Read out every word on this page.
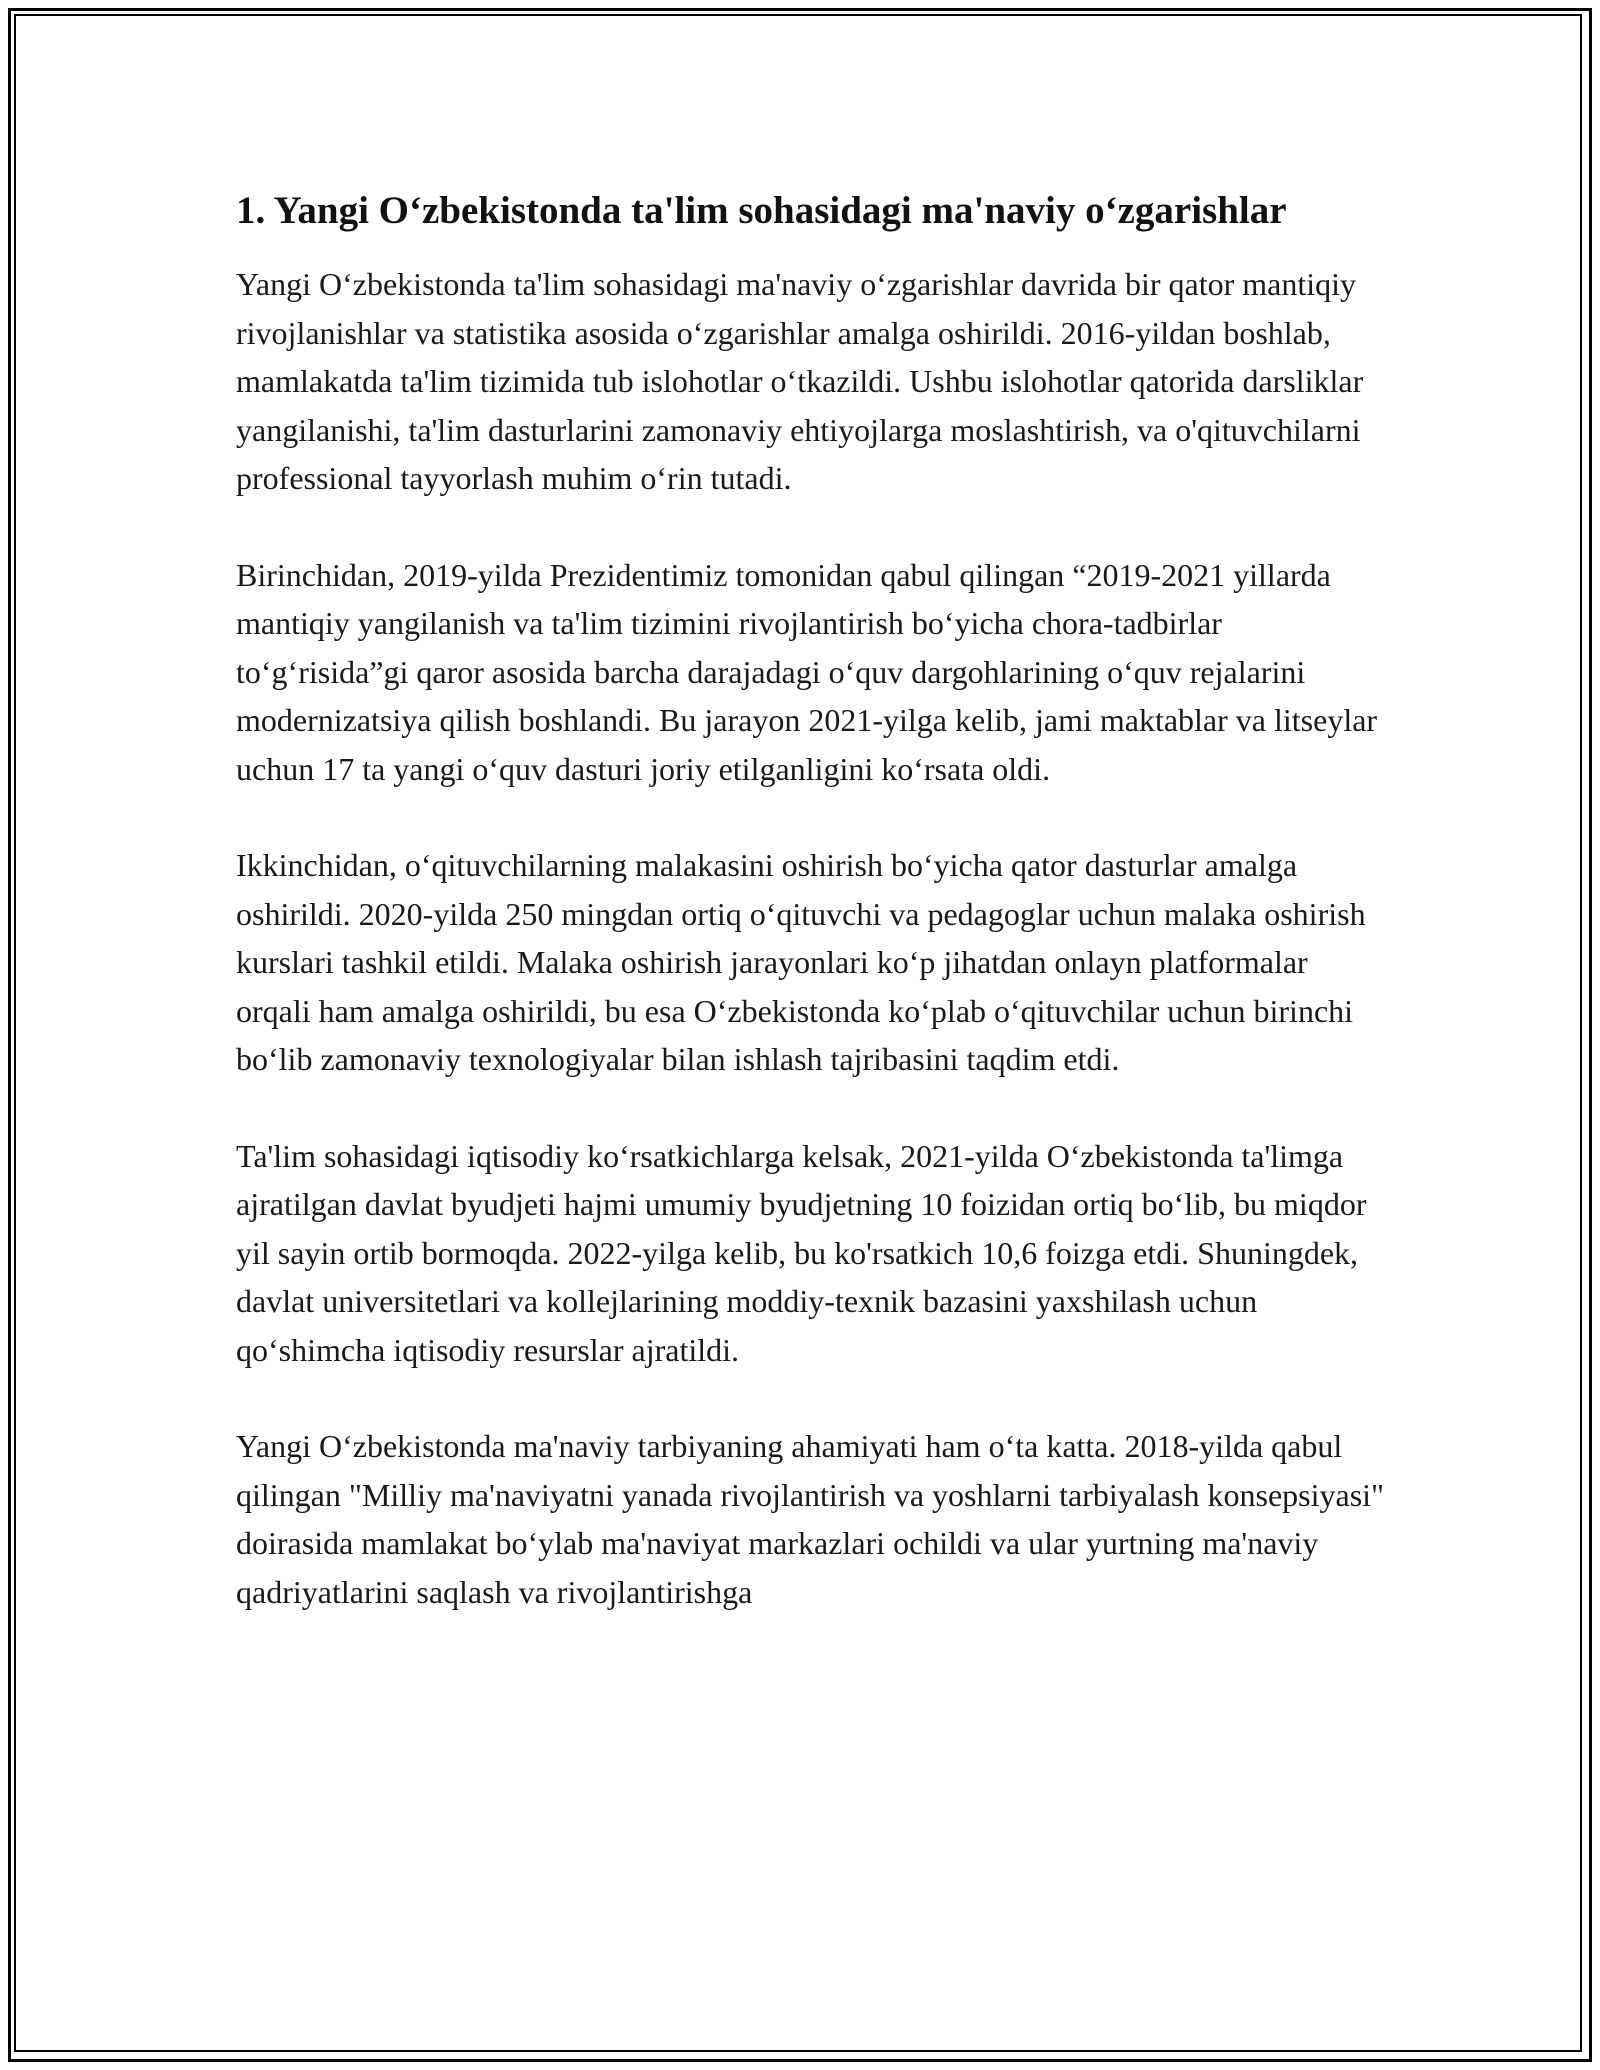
1. Yangi O‘zbekistonda ta'lim sohasidagi ma'naviy o‘zgarishlar

Yangi O‘zbekistonda ta'lim sohasidagi ma'naviy o‘zgarishlar davrida bir qator mantiqiy rivojlanishlar va statistika asosida o‘zgarishlar amalga oshirildi. 2016-yildan boshlab, mamlakatda ta'lim tizimida tub islohotlar o‘tkazildi. Ushbu islohotlar qatorida darsliklar yangilanishi, ta'lim dasturlarini zamonaviy ehtiyojlarga moslashtirish, va o'qituvchilarni professional tayyorlash muhim o‘rin tutadi.

Birinchidan, 2019-yilda Prezidentimiz tomonidan qabul qilingan “2019-2021 yillarda mantiqiy yangilanish va ta'lim tizimini rivojlantirish bo‘yicha chora-tadbirlar to‘g‘risida”gi qaror asosida barcha darajadagi o‘quv dargohlarining o‘quv rejalarini modernizatsiya qilish boshlandi. Bu jarayon 2021-yilga kelib, jami maktablar va litseylar uchun 17 ta yangi o‘quv dasturi joriy etilganligini ko‘rsata oldi.

Ikkinchidan, o‘qituvchilarning malakasini oshirish bo‘yicha qator dasturlar amalga oshirildi. 2020-yilda 250 mingdan ortiq o‘qituvchi va pedagoglar uchun malaka oshirish kurslari tashkil etildi. Malaka oshirish jarayonlari ko‘p jihatdan onlayn platformalar orqali ham amalga oshirildi, bu esa O‘zbekistonda ko‘plab o‘qituvchilar uchun birinchi bo‘lib zamonaviy texnologiyalar bilan ishlash tajribasini taqdim etdi.

Ta'lim sohasidagi iqtisodiy ko‘rsatkichlarga kelsak, 2021-yilda O‘zbekistonda ta'limga ajratilgan davlat byudjeti hajmi umumiy byudjetning 10 foizidan ortiq bo‘lib, bu miqdor yil sayin ortib bormoqda. 2022-yilga kelib, bu ko'rsatkich 10,6 foizga etdi. Shuningdek, davlat universitetlari va kollejlarining moddiy-texnik bazasini yaxshilash uchun qo‘shimcha iqtisodiy resurslar ajratildi.

Yangi O‘zbekistonda ma'naviy tarbiyaning ahamiyati ham o‘ta katta. 2018-yilda qabul qilingan "Milliy ma'naviyatni yanada rivojlantirish va yoshlarni tarbiyalash konsepsiyasi" doirasida mamlakat bo‘ylab ma'naviyat markazlari ochildi va ular yurtning ma'naviy qadriyatlarini saqlash va rivojlantirishga
